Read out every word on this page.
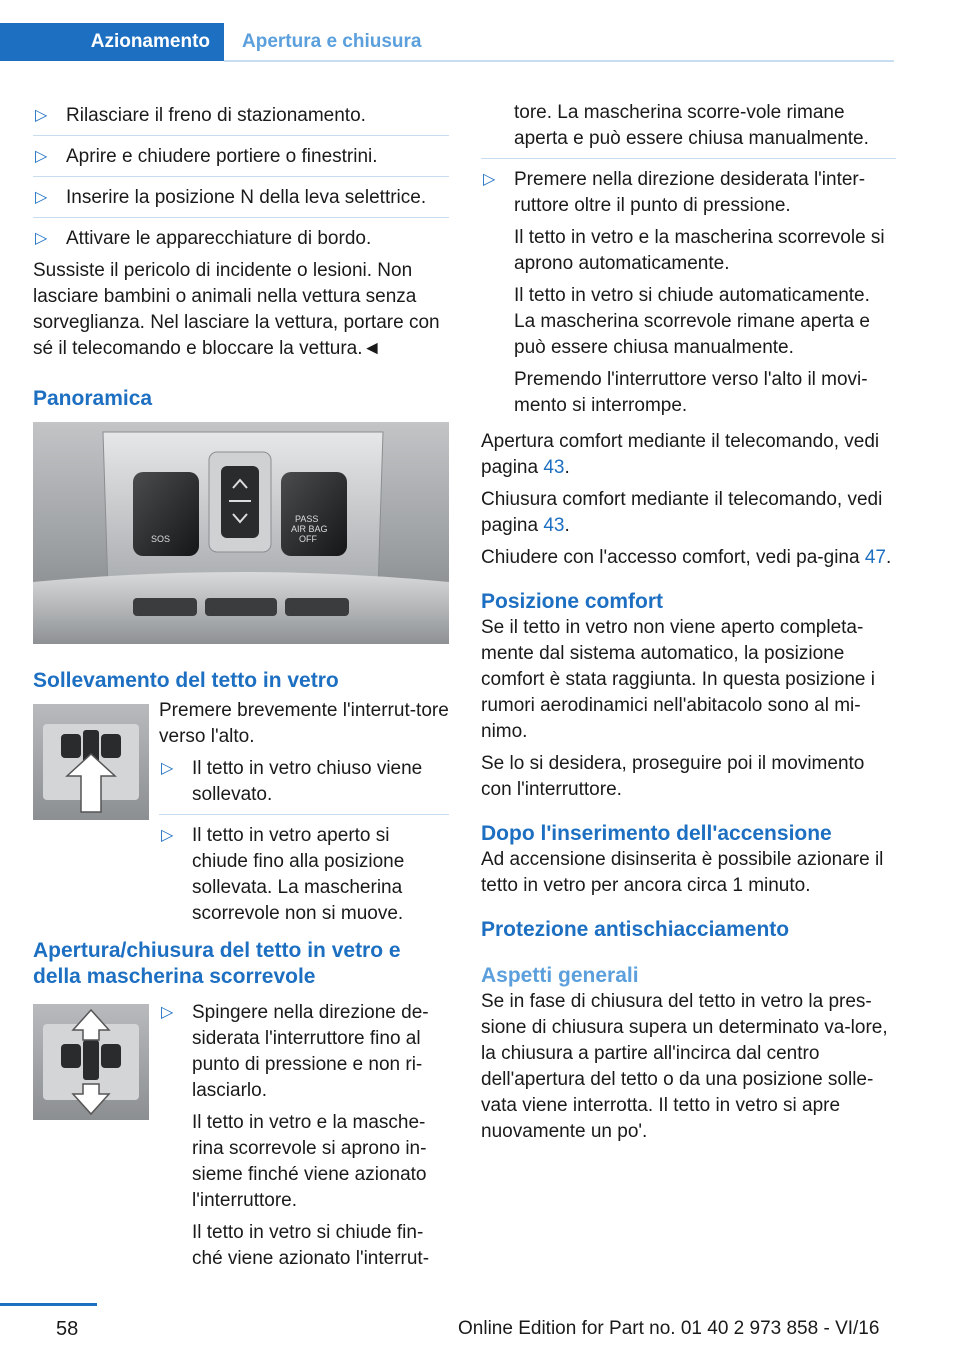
Azionamento Apertura e chiusura
▷ Rilasciare il freno di stazionamento.
▷ Aprire e chiudere portiere o finestrini.
▷ Inserire la posizione N della leva selettrice.
▷ Attivare le apparecchiature di bordo.

Sussiste il pericolo di incidente o lesioni. Non lasciare bambini o animali nella vettura senza sorveglianza. Nel lasciare la vettura, portare con sé il telecomando e bloccare la vettura.◄

Panoramica
SOS
PASS
AIR BAG
OFF
Sollevamento del tetto in vetro

Premere brevemente l'interrut-tore verso l'alto.

▷ Il tetto in vetro chiuso viene sollevato.
▷ Il tetto in vetro aperto si chiude fino alla posizione sollevata. La mascherina scorrevole non si muove.
Apertura/chiusura del tetto in vetro e della mascherina scorrevole
▷ Spingere nella direzione de-siderata l'interruttore fino al punto di pressione e non ri-lasciarlo.
Il tetto in vetro e la masche-rina scorrevole si aprono in-sieme finché viene azionato l'interruttore.
Il tetto in vetro si chiude fin-ché viene azionato l'interrut-
tore. La mascherina scorre-vole rimane aperta e può essere chiusa manualmente.
▷ Premere nella direzione desiderata l'inter-ruttore oltre il punto di pressione.
Il tetto in vetro e la mascherina scorrevole si aprono automaticamente.
Il tetto in vetro si chiude automaticamente. La mascherina scorrevole rimane aperta e può essere chiusa manualmente.
Premendo l'interruttore verso l'alto il movi-mento si interrompe.

Apertura comfort mediante il telecomando, vedi pagina 43.

Chiusura comfort mediante il telecomando, vedi pagina 43.

Chiudere con l'accesso comfort, vedi pa-gina 47.

Posizione comfort

Se il tetto in vetro non viene aperto completa-mente dal sistema automatico, la posizione comfort è stata raggiunta. In questa posizione i rumori aerodinamici nell'abitacolo sono al mi-nimo.

Se lo si desidera, proseguire poi il movimento con l'interruttore.

Dopo l'inserimento dell'accensione

Ad accensione disinserita è possibile azionare il tetto in vetro per ancora circa 1 minuto.

Protezione antischiacciamento
Aspetti generali

Se in fase di chiusura del tetto in vetro la pres-sione di chiusura supera un determinato va-lore, la chiusura a partire all'incirca dal centro dell'apertura del tetto o da una posizione solle-vata viene interrotta. Il tetto in vetro si apre nuovamente un po'.

58	Online Edition for Part no. 01 40 2 973 858 - VI/16
